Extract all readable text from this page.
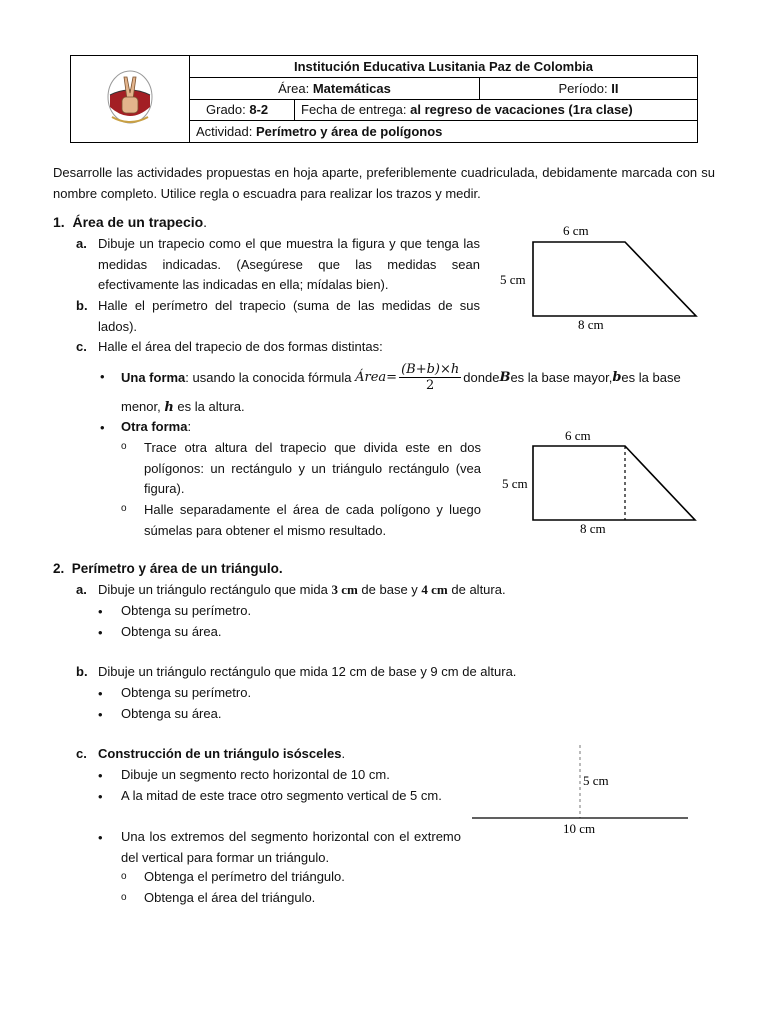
	Institución Educativa Lusitania Paz de Colombia	
	Área: Matemáticas	Período: II

	Grado: 8-2 Fecha de entrega: al regreso de vacaciones (1ra clase)	

	Actividad: Perímetro y área de polígonos	
Desarrolle las actividades propuestas en hoja aparte, preferiblemente cuadriculada, debidamente marcada con su nombre completo. Utilice regla o escuadra para realizar los trazos y medir.
1. Área de un trapecio.
a. Dibuje un trapecio como el que muestra la figura y que tenga las medidas indicadas. (Asegúrese que las medidas sean efectivamente las indicadas en ella; mídalas bien).
b. Halle el perímetro del trapecio (suma de las medidas de sus lados).
c. Halle el área del trapecio de dos formas distintas:
• Una forma : usando la conocida fórmula
Área= $\frac{(B+b)\times h}{2}$ donde B es la base mayor, b es la base
menor, h es la altura.
• Otra forma:
o Trace otra altura del trapecio que divida este en dos polígonos: un rectángulo y un triángulo rectángulo (vea figura).
o Halle separadamente el área de cada polígono y luego súmelas para obtener el mismo resultado.
6 cm
5 cm
8 cm
6 cm
5 cm
8 cm
2. Perímetro y área de un triángulo.
a. Dibuje un triángulo rectángulo que mida 3 cm de base y 4 cm de altura.
• Obtenga su perímetro.
• Obtenga su área.
b. Dibuje un triángulo rectángulo que mida 12 cm de base y 9 cm de altura.
• Obtenga su perímetro.
• Obtenga su área.
c. Construcción de un triángulo isósceles.
• Dibuje un segmento recto horizontal de 10 cm.
• A la mitad de este trace otro segmento vertical de 5 cm.
• Una los extremos del segmento horizontal con el extremo del vertical para formar un triángulo.
o Obtenga el perímetro del triángulo.
o Obtenga el área del triángulo.
5 cm
10 cm
